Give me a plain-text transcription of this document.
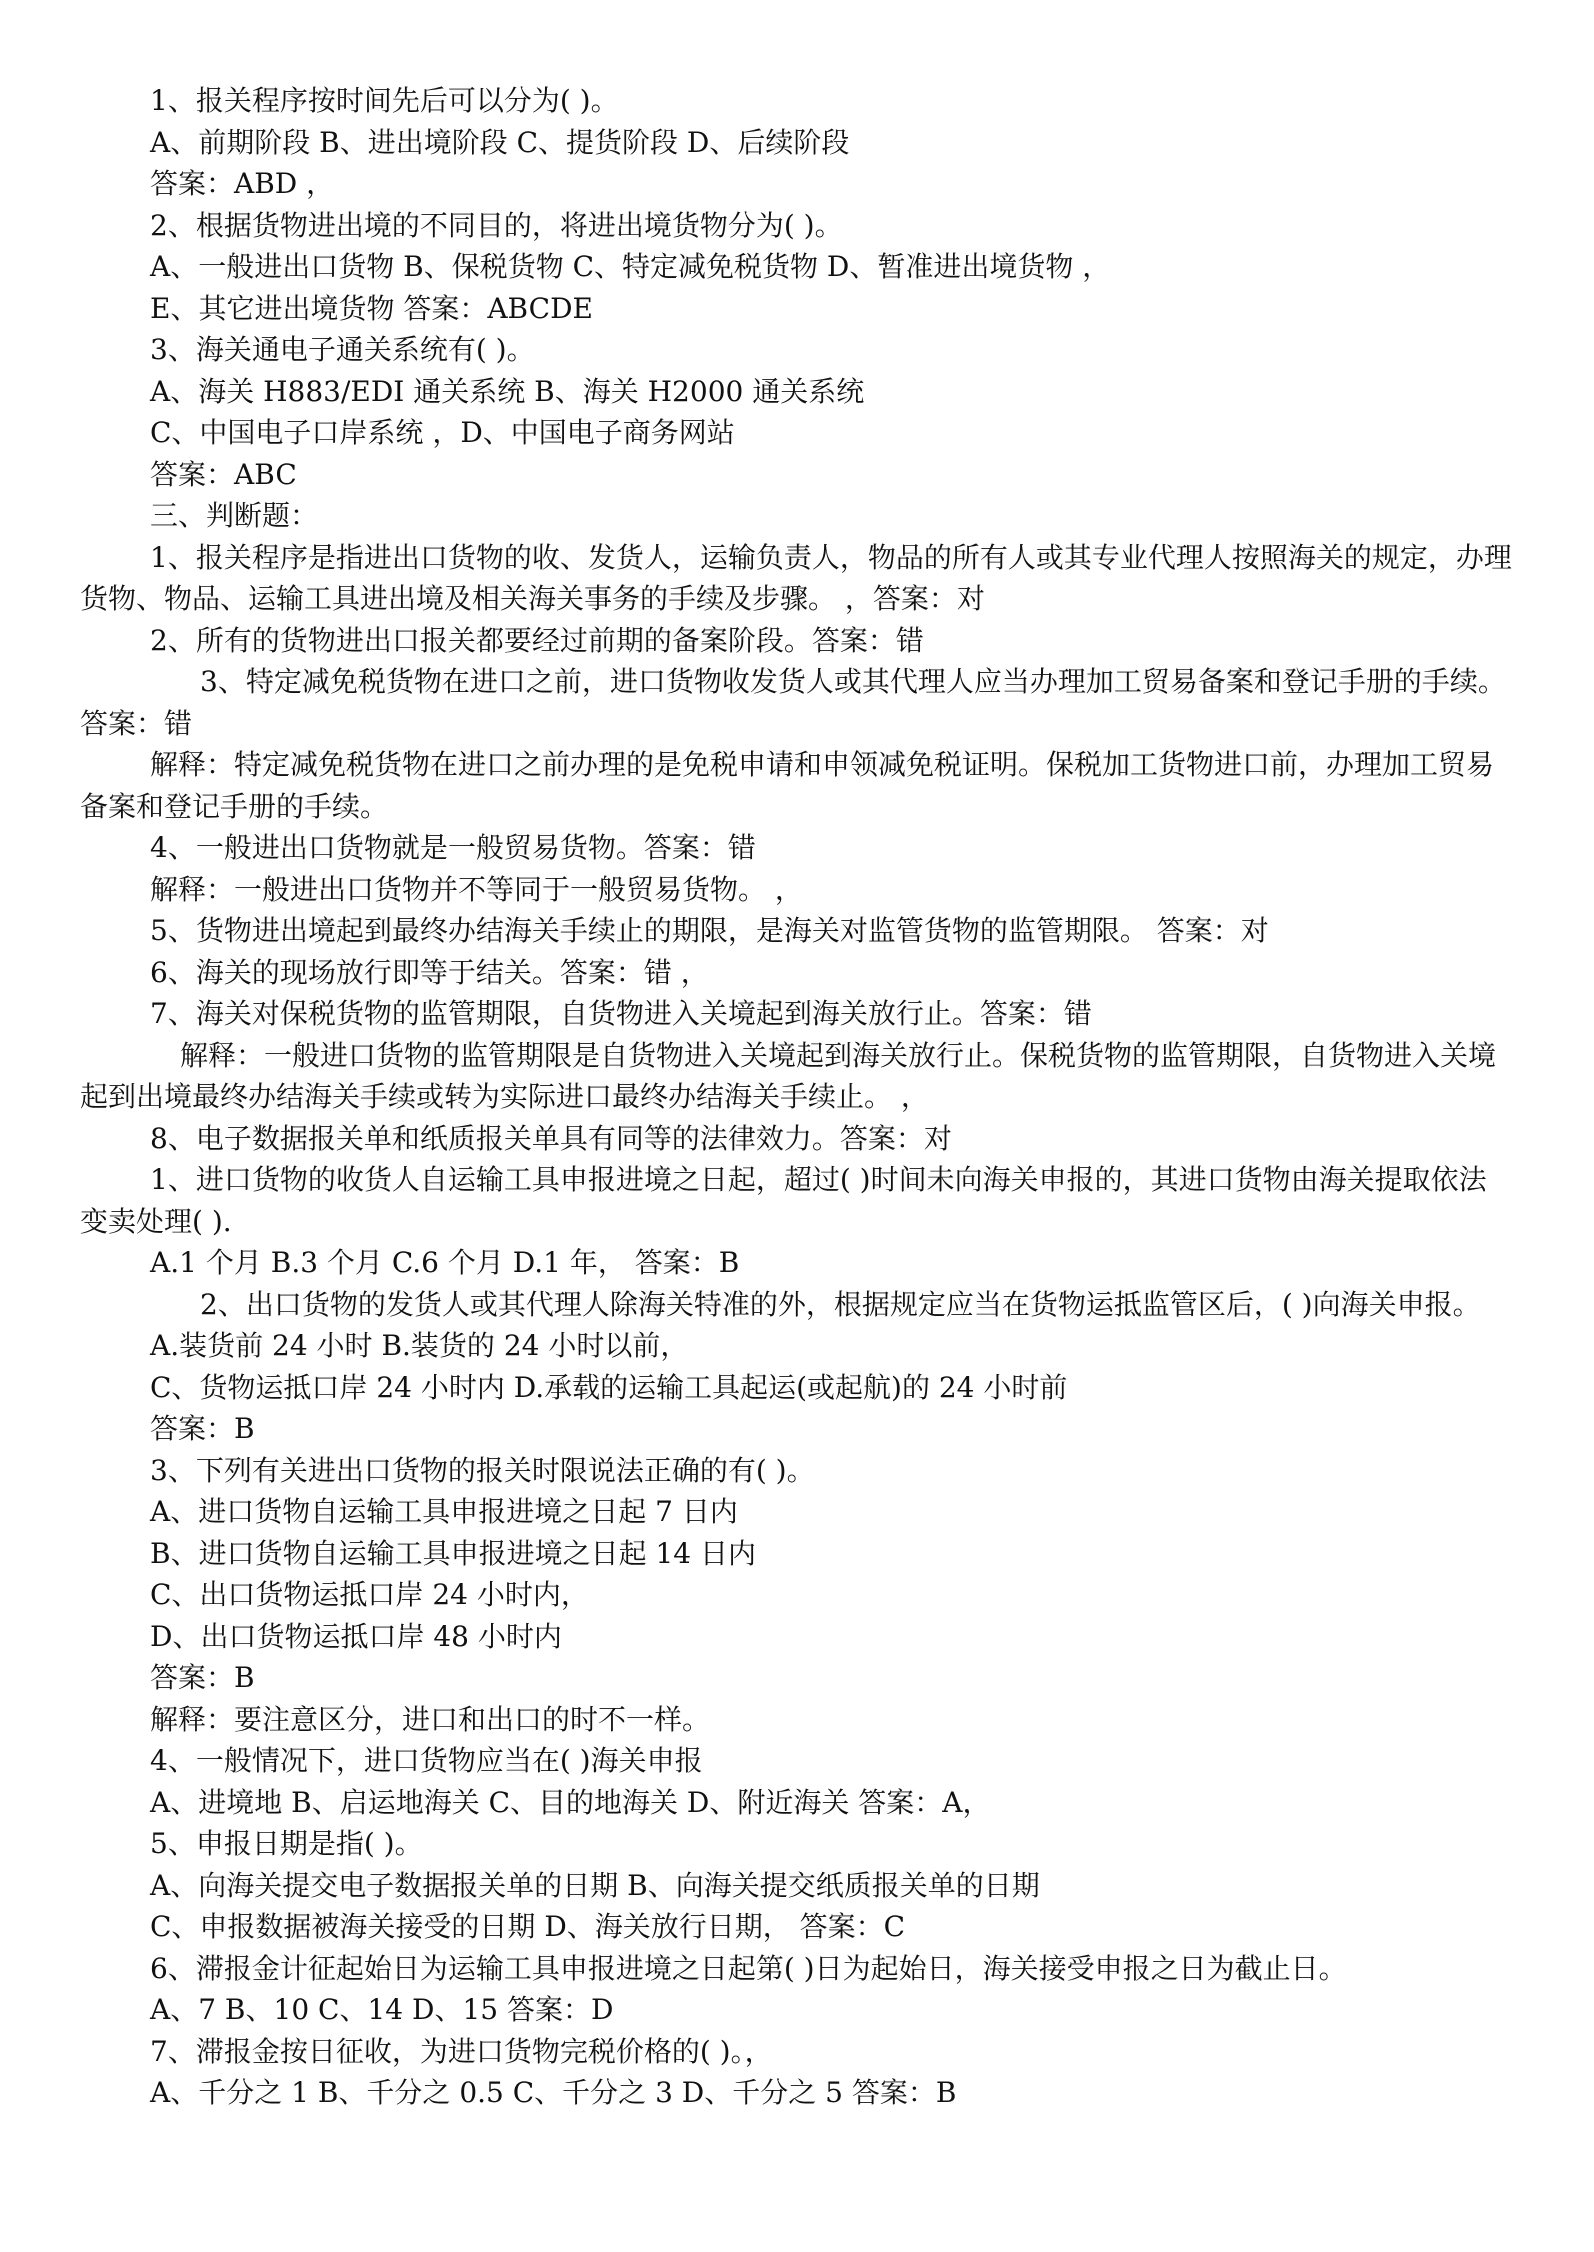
1、报关程序按时间先后可以分为( )。

A、前期阶段 B、进出境阶段 C、提货阶段 D、后续阶段

答案：ABD ，

2、根据货物进出境的不同目的，将进出境货物分为( )。

A、一般进出口货物 B、保税货物 C、特定减免税货物 D、暂准进出境货物 ，

E、其它进出境货物 答案：ABCDE

3、海关通电子通关系统有( )。

A、海关 H883/EDI 通关系统 B、海关 H2000 通关系统

C、中国电子口岸系统 ，D、中国电子商务网站

答案：ABC

三、判断题：

1、报关程序是指进出口货物的收、发货人，运输负责人，物品的所有人或其专业代理人按照海关的规定，办理货物、物品、运输工具进出境及相关海关事务的手续及步骤。 ，答案：对

2、所有的货物进出口报关都要经过前期的备案阶段。答案：错

3、特定减免税货物在进口之前，进口货物收发货人或其代理人应当办理加工贸易备案和登记手册的手续。答案：错

解释：特定减免税货物在进口之前办理的是免税申请和申领减免税证明。保税加工货物进口前，办理加工贸易备案和登记手册的手续。

4、一般进出口货物就是一般贸易货物。答案：错

解释：一般进出口货物并不等同于一般贸易货物。 ，

5、货物进出境起到最终办结海关手续止的期限，是海关对监管货物的监管期限。 答案：对

6、海关的现场放行即等于结关。答案：错 ，

7、海关对保税货物的监管期限，自货物进入关境起到海关放行止。答案：错

解释：一般进口货物的监管期限是自货物进入关境起到海关放行止。保税货物的监管期限，自货物进入关境起到出境最终办结海关手续或转为实际进口最终办结海关手续止。 ，

8、电子数据报关单和纸质报关单具有同等的法律效力。答案：对

1、进口货物的收货人自运输工具申报进境之日起，超过( )时间未向海关申报的，其进口货物由海关提取依法变卖处理( ).

A.1 个月 B.3 个月 C.6 个月 D.1 年， 答案：B

2、出口货物的发货人或其代理人除海关特准的外，根据规定应当在货物运抵监管区后，( )向海关申报。

A.装货前 24 小时 B.装货的 24 小时以前，

C、货物运抵口岸 24 小时内 D.承载的运输工具起运(或起航)的 24 小时前

答案：B

3、下列有关进出口货物的报关时限说法正确的有( )。

A、进口货物自运输工具申报进境之日起 7 日内

B、进口货物自运输工具申报进境之日起 14 日内

C、出口货物运抵口岸 24 小时内，

D、出口货物运抵口岸 48 小时内

答案：B

解释：要注意区分，进口和出口的时不一样。

4、一般情况下，进口货物应当在( )海关申报

A、进境地 B、启运地海关 C、目的地海关 D、附近海关 答案：A，

5、申报日期是指( )。

A、向海关提交电子数据报关单的日期 B、向海关提交纸质报关单的日期

C、申报数据被海关接受的日期 D、海关放行日期， 答案：C

6、滞报金计征起始日为运输工具申报进境之日起第( )日为起始日，海关接受申报之日为截止日。

A、7 B、10 C、14 D、15 答案：D

7、滞报金按日征收，为进口货物完税价格的( )。，

A、千分之 1 B、千分之 0.5 C、千分之 3 D、千分之 5 答案：B
